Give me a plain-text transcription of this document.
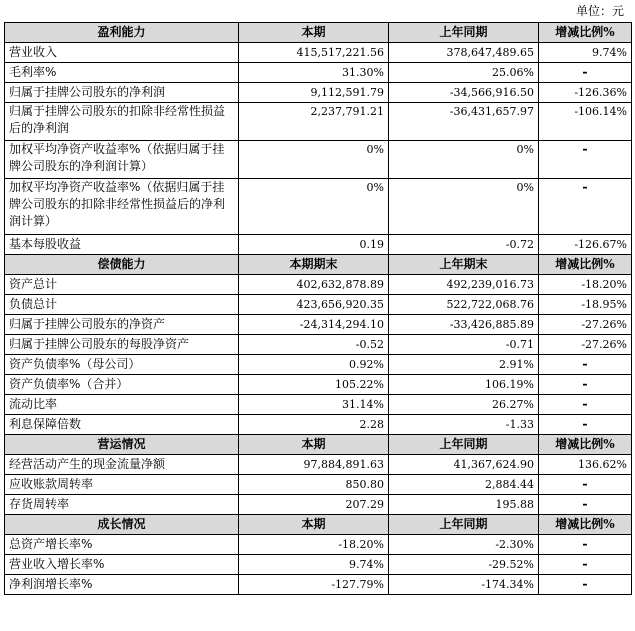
单位：元
盈利能力	本期	上年同期	增减比例%
营业收入	415,517,221.56	378,647,489.65	9.74%
毛利率%	31.30%	25.06%	-
归属于挂牌公司股东的净利润	9,112,591.79	-34,566,916.50	-126.36%
归属于挂牌公司股东的扣除非经常性损益后的净利润	2,237,791.21	-36,431,657.97	-106.14%
加权平均净资产收益率%（依据归属于挂牌公司股东的净利润计算）	0%	0%	-
加权平均净资产收益率%（依据归属于挂牌公司股东的扣除非经常性损益后的净利润计算）	0%	0%	-
基本每股收益	0.19	-0.72	-126.67%
偿债能力	本期期末	上年期末	增减比例%
资产总计	402,632,878.89	492,239,016.73	-18.20%
负债总计	423,656,920.35	522,722,068.76	-18.95%
归属于挂牌公司股东的净资产	-24,314,294.10	-33,426,885.89	-27.26%
归属于挂牌公司股东的每股净资产	-0.52	-0.71	-27.26%
资产负债率%（母公司）	0.92%	2.91%	-
资产负债率%（合并）	105.22%	106.19%	-
流动比率	31.14%	26.27%	-
利息保障倍数	2.28	-1.33	-
营运情况	本期	上年同期	增减比例%
经营活动产生的现金流量净额	97,884,891.63	41,367,624.90	136.62%
应收账款周转率	850.80	2,884.44	-
存货周转率	207.29	195.88	-
成长情况	本期	上年同期	增减比例%
总资产增长率%	-18.20%	-2.30%	-
营业收入增长率%	9.74%	-29.52%	-
净利润增长率%	-127.79%	-174.34%	-
